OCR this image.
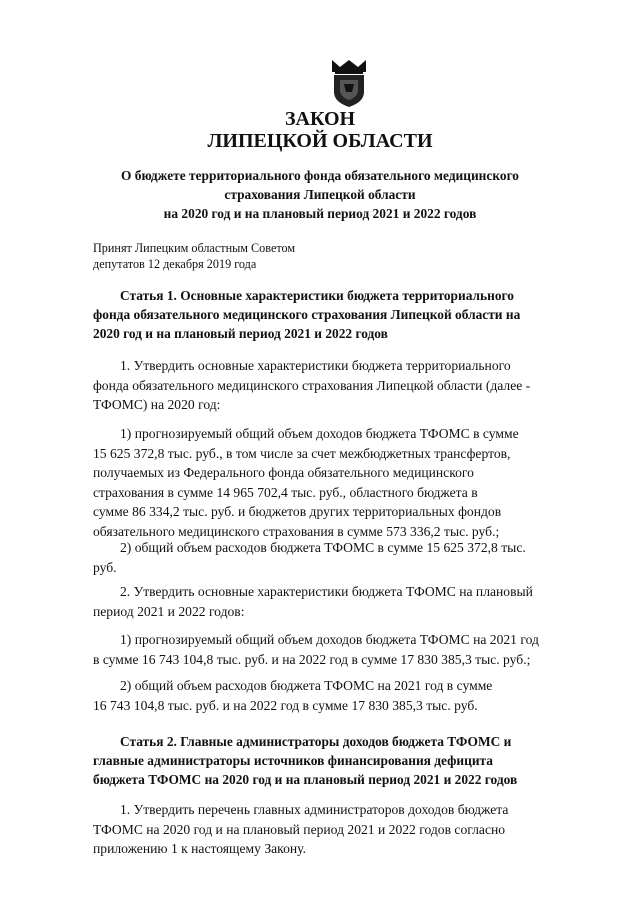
ЗАКОН
ЛИПЕЦКОЙ ОБЛАСТИ
О бюджете территориального фонда обязательного медицинского
страхования Липецкой области
на 2020 год и на плановый период 2021 и 2022 годов
Принят Липецким областным Советом
депутатов 12 декабря 2019 года
Статья 1. Основные характеристики бюджета территориального
фонда обязательного медицинского страхования Липецкой области на
2020 год и на плановый период 2021 и 2022 годов
1. Утвердить основные характеристики бюджета территориального
фонда обязательного медицинского страхования Липецкой области (далее -
ТФОМС) на 2020 год:
1) прогнозируемый общий объем доходов бюджета ТФОМС в сумме
15 625 372,8 тыс. руб., в том числе за счет межбюджетных трансфертов,
получаемых из Федерального фонда обязательного медицинского
страхования в сумме 14 965 702,4 тыс. руб., областного бюджета в
сумме 86 334,2 тыс. руб. и бюджетов других территориальных фондов
обязательного медицинского страхования в сумме 573 336,2 тыс. руб.;
2) общий объем расходов бюджета ТФОМС в сумме 15 625 372,8 тыс.
руб.
2. Утвердить основные характеристики бюджета ТФОМС на плановый
период 2021 и 2022 годов:
1) прогнозируемый общий объем доходов бюджета ТФОМС на 2021 год
в сумме 16 743 104,8 тыс. руб. и на 2022 год в сумме 17 830 385,3 тыс. руб.;
2) общий объем расходов бюджета ТФОМС на 2021 год в сумме
16 743 104,8 тыс. руб. и на 2022 год в сумме 17 830 385,3 тыс. руб.
Статья 2. Главные администраторы доходов бюджета ТФОМС и
главные администраторы источников финансирования дефицита
бюджета ТФОМС на 2020 год и на плановый период 2021 и 2022 годов
1. Утвердить перечень главных администраторов доходов бюджета
ТФОМС на 2020 год и на плановый период 2021 и 2022 годов согласно
приложению 1 к настоящему Закону.
